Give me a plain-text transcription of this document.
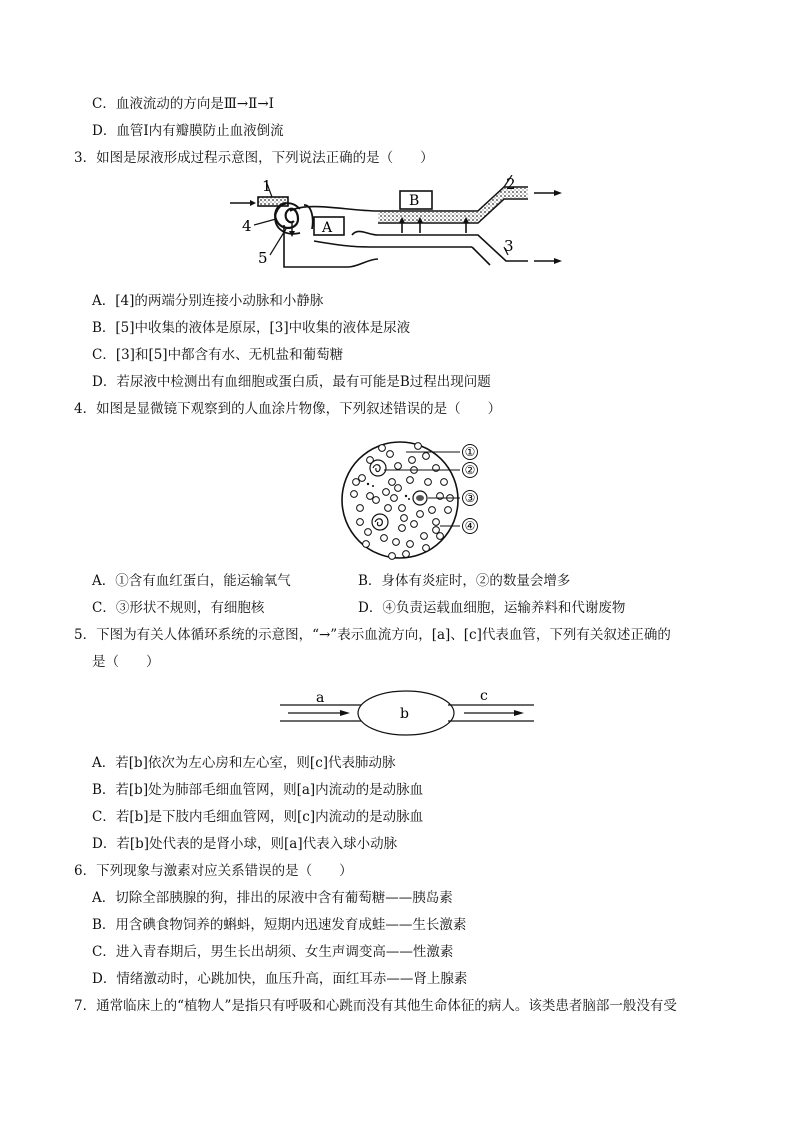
C．血液流动的方向是Ⅲ→Ⅱ→Ⅰ
D．血管Ⅰ内有瓣膜防止血液倒流
3．如图是尿液形成过程示意图，下列说法正确的是（　　）
1	2
3
4
5
A
B
A．[4]的两端分别连接小动脉和小静脉
B．[5]中收集的液体是原尿，[3]中收集的液体是尿液
C．[3]和[5]中都含有水、无机盐和葡萄糖
D．若尿液中检测出有血细胞或蛋白质，最有可能是B过程出现问题
4．如图是显微镜下观察到的人血涂片物像，下列叙述错误的是（　　）
①
②
③
④
A．①含有血红蛋白，能运输氧气	B．身体有炎症时，②的数量会增多
C．③形状不规则，有细胞核	D．④负责运载血细胞，运输养料和代谢废物
5．下图为有关人体循环系统的示意图，“→”表示血流方向，[a]、[c]代表血管，下列有关叙述正确的
是（　　）
a
b
c
A．若[b]依次为左心房和左心室，则[c]代表肺动脉
B．若[b]处为肺部毛细血管网，则[a]内流动的是动脉血
C．若[b]是下肢内毛细血管网，则[c]内流动的是动脉血
D．若[b]处代表的是肾小球，则[a]代表入球小动脉
6．下列现象与激素对应关系错误的是（　　）
A．切除全部胰腺的狗，排出的尿液中含有葡萄糖——胰岛素
B．用含碘食物饲养的蝌蚪，短期内迅速发育成蛙——生长激素
C．进入青春期后，男生长出胡须、女生声调变高——性激素
D．情绪激动时，心跳加快，血压升高，面红耳赤——肾上腺素
7．通常临床上的“植物人”是指只有呼吸和心跳而没有其他生命体征的病人。该类患者脑部一般没有受
